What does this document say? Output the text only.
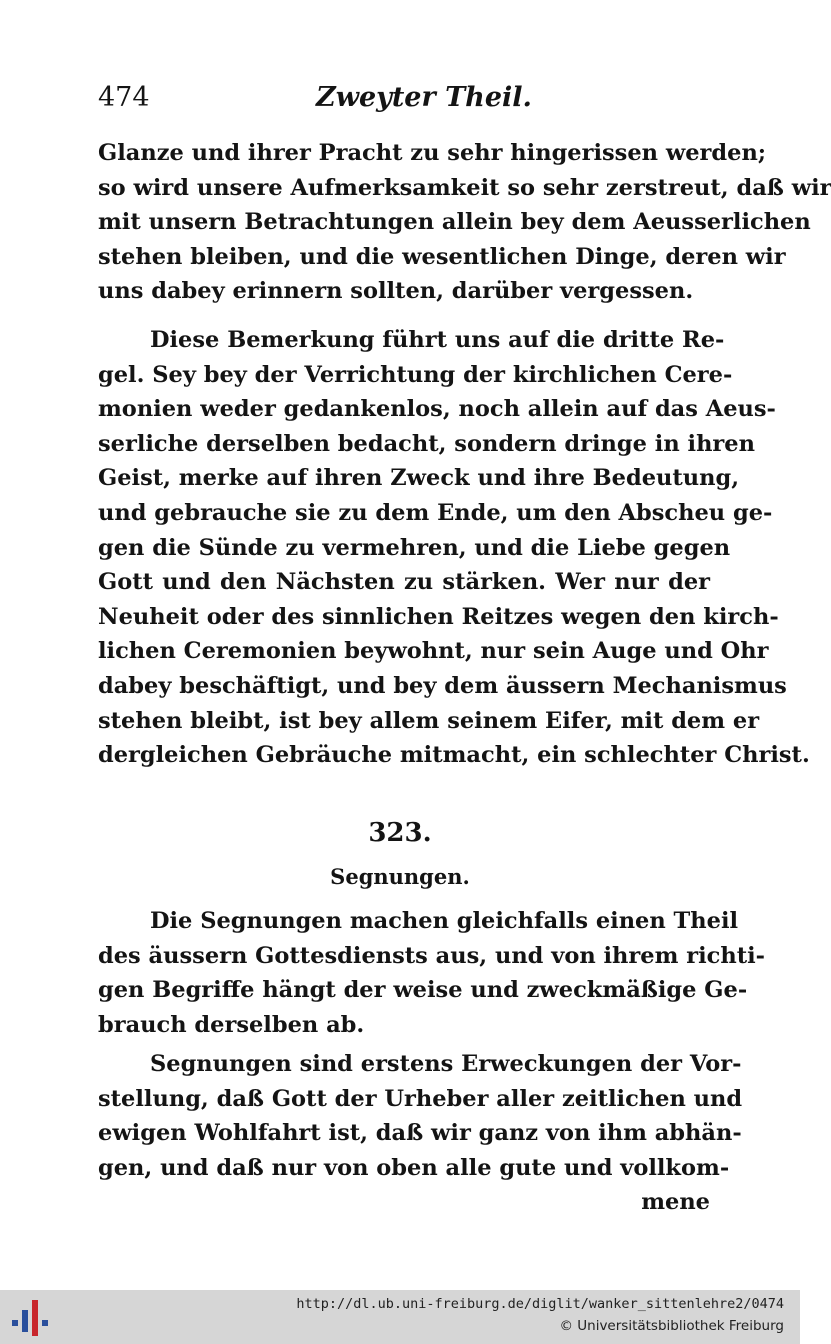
474	Zweyter Theil.
Glanze und ihrer Pracht zu sehr hingerissen werden;
so wird unsere Aufmerksamkeit so sehr zerstreut, daß wir
mit unsern Betrachtungen allein bey dem Aeusserlichen
stehen bleiben, und die wesentlichen Dinge, deren wir
uns dabey erinnern sollten, darüber vergessen.
Diese Bemerkung führt uns auf die dritte Re-
gel. Sey bey der Verrichtung der kirchlichen Cere-
monien weder gedankenlos, noch allein auf das Aeus-
serliche derselben bedacht, sondern dringe in ihren
Geist, merke auf ihren Zweck und ihre Bedeutung,
und gebrauche sie zu dem Ende, um den Abscheu ge-
gen die Sünde zu vermehren, und die Liebe gegen
Gott und den Nächsten zu stärken. Wer nur der
Neuheit oder des sinnlichen Reitzes wegen den kirch-
lichen Ceremonien beywohnt, nur sein Auge und Ohr
dabey beschäftigt, und bey dem äussern Mechanismus
stehen bleibt, ist bey allem seinem Eifer, mit dem er
dergleichen Gebräuche mitmacht, ein schlechter Christ.
323.
Segnungen.
Die Segnungen machen gleichfalls einen Theil
des äussern Gottesdiensts aus, und von ihrem richti-
gen Begriffe hängt der weise und zweckmäßige Ge-
brauch derselben ab.
Segnungen sind erstens Erweckungen der Vor-
stellung, daß Gott der Urheber aller zeitlichen und
ewigen Wohlfahrt ist, daß wir ganz von ihm abhän-
gen, und daß nur von oben alle gute und vollkom-
mene
http://dl.ub.uni-freiburg.de/diglit/wanker_sittenlehre2/0474
© Universitätsbibliothek Freiburg
